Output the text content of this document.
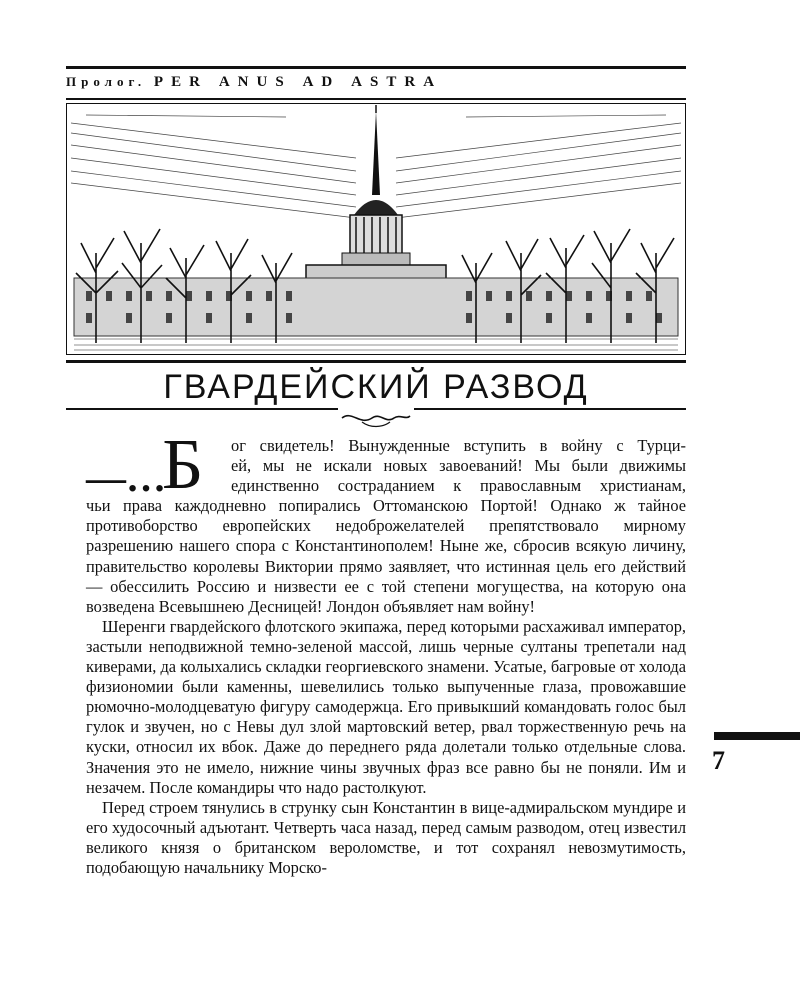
Пролог. PER ANUS AD ASTRA
ГВАРДЕЙСКИЙ РАЗВОД
—…
Б ог свидетель! Вынужденные вступить в войну с Турци-
ей, мы не искали новых завоеваний! Мы были движимы
единственно состраданием к православным христианам,

чьи права каждодневно попирались Оттоманскою Портой! Однако ж тайное противоборство европейских недоброжелателей препятствовало мирному разрешению нашего спора с Константинополем! Ныне же, сбросив всякую личину, правительство королевы Виктории прямо заявляет, что истинная цель его действий — обессилить Россию и низвести ее с той степени могущества, на которую она возведена Всевышнею Десницей! Лондон объявляет нам войну!

Шеренги гвардейского флотского экипажа, перед которыми расхаживал император, застыли неподвижной темно-зеленой массой, лишь черные султаны трепетали над киверами, да колыхались складки георгиевского знамени. Усатые, багровые от холода физиономии были каменны, шевелились только выпученные глаза, провожавшие рюмочно-молодцеватую фигуру самодержца. Его привыкший командовать голос был гулок и звучен, но с Невы дул злой мартовский ветер, рвал торжественную речь на куски, относил их вбок. Даже до переднего ряда долетали только отдельные слова. Значения это не имело, нижние чины звучных фраз все равно бы не поняли. Им и незачем. После командиры что надо растолкуют.

Перед строем тянулись в струнку сын Константин в вице-адмиральском мундире и его худосочный адъютант. Четверть часа назад, перед самым разводом, отец известил великого князя о британском вероломстве, и тот сохранял невозмутимость, подобающую начальнику Морско-

7
